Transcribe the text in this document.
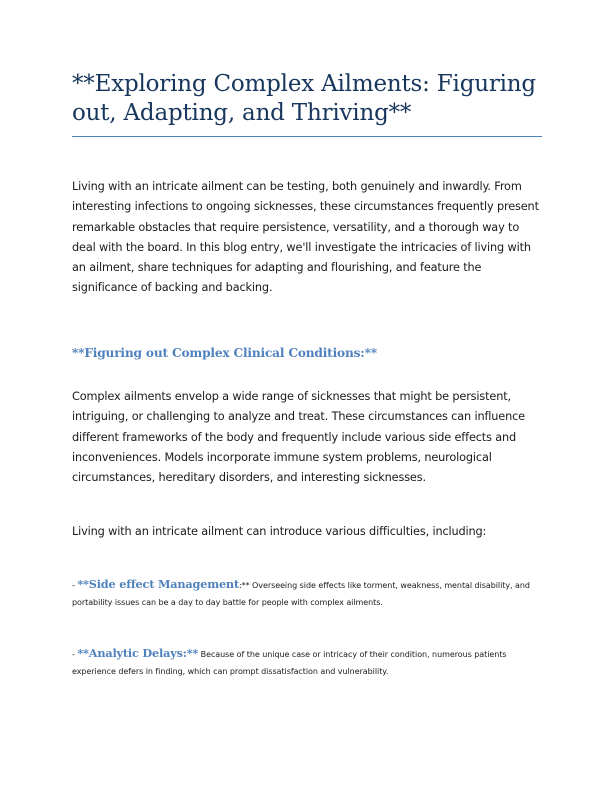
**Exploring Complex Ailments: Figuring out, Adapting, and Thriving**

Living with an intricate ailment can be testing, both genuinely and inwardly. From interesting infections to ongoing sicknesses, these circumstances frequently present remarkable obstacles that require persistence, versatility, and a thorough way to deal with the board. In this blog entry, we'll investigate the intricacies of living with an ailment, share techniques for adapting and flourishing, and feature the significance of backing and backing.

**Figuring out Complex Clinical Conditions:**

Complex ailments envelop a wide range of sicknesses that might be persistent, intriguing, or challenging to analyze and treat. These circumstances can influence different frameworks of the body and frequently include various side effects and inconveniences. Models incorporate immune system problems, neurological circumstances, hereditary disorders, and interesting sicknesses.

Living with an intricate ailment can introduce various difficulties, including:

- **Side effect Management:** Overseeing side effects like torment, weakness, mental disability, and portability issues can be a day to day battle for people with complex ailments.

- **Analytic Delays:** Because of the unique case or intricacy of their condition, numerous patients experience defers in finding, which can prompt dissatisfaction and vulnerability.
